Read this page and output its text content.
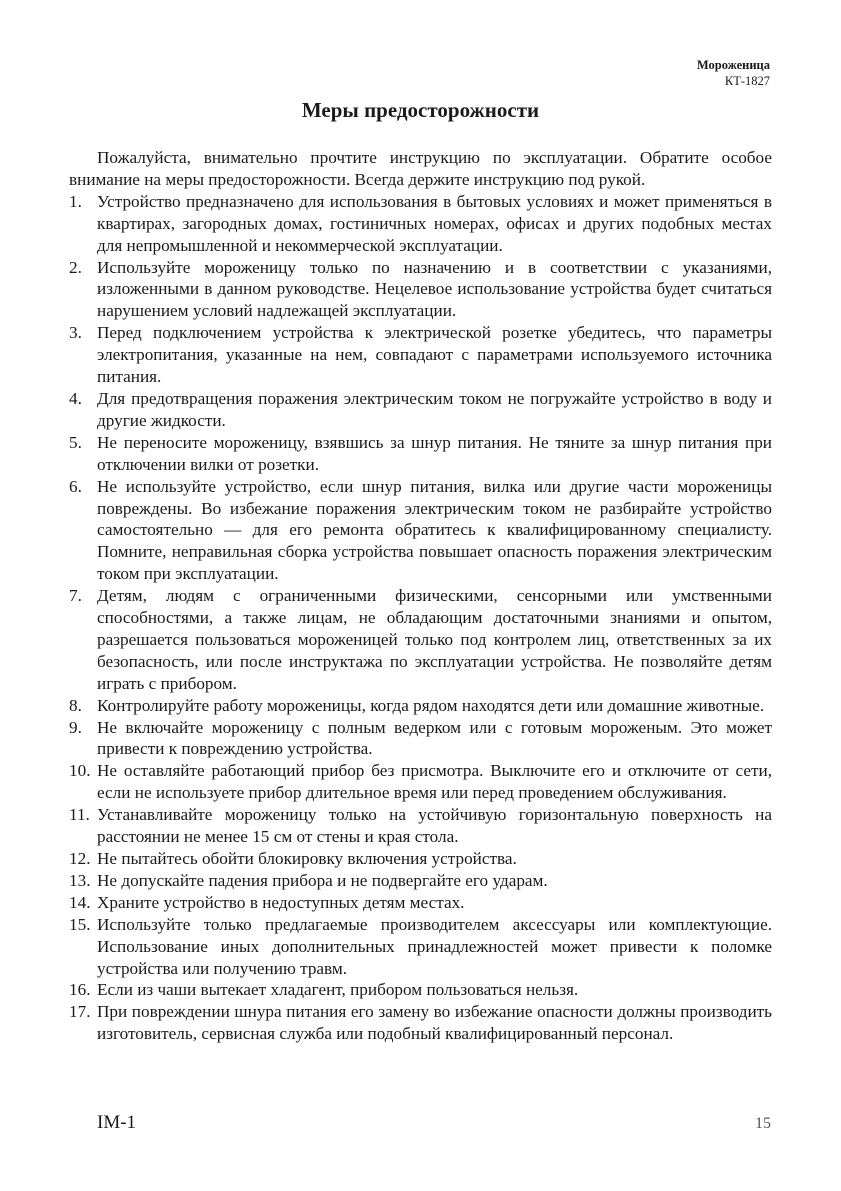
Мороженица
КТ-1827
Меры предосторожности

Пожалуйста, внимательно прочтите инструкцию по эксплуатации. Обратите особое внимание на меры предосторожности. Всегда держите инструкцию под рукой.

1. Устройство предназначено для использования в бытовых условиях и может применяться в квартирах, загородных домах, гостиничных номерах, офисах и других подобных местах для непромышленной и некоммерческой эксплуатации.
2. Используйте мороженицу только по назначению и в соответствии с указаниями, изложенными в данном руководстве. Нецелевое использование устройства будет считаться нарушением условий надлежащей эксплуатации.
3. Перед подключением устройства к электрической розетке убедитесь, что параметры электропитания, указанные на нем, совпадают с параметрами используемого источника питания.
4. Для предотвращения поражения электрическим током не погружайте устройство в воду и другие жидкости.
5. Не переносите мороженицу, взявшись за шнур питания. Не тяните за шнур питания при отключении вилки от розетки.
6. Не используйте устройство, если шнур питания, вилка или другие части мороженицы повреждены. Во избежание поражения электрическим током не разбирайте устройство самостоятельно — для его ремонта обратитесь к квалифицированному специалисту. Помните, неправильная сборка устройства повышает опасность поражения электрическим током при эксплуатации.
7. Детям, людям с ограниченными физическими, сенсорными или умственными способностями, а также лицам, не обладающим достаточными знаниями и опытом, разрешается пользоваться мороженицей только под контролем лиц, ответственных за их безопасность, или после инструктажа по эксплуатации устройства. Не позволяйте детям играть с прибором.
8. Контролируйте работу мороженицы, когда рядом находятся дети или домашние животные.
9. Не включайте мороженицу с полным ведерком или с готовым мороженым. Это может привести к повреждению устройства.
10. Не оставляйте работающий прибор без присмотра. Выключите его и отключите от сети, если не используете прибор длительное время или перед проведением обслуживания.
11. Устанавливайте мороженицу только на устойчивую горизонтальную поверхность на расстоянии не менее 15 см от стены и края стола.
12. Не пытайтесь обойти блокировку включения устройства.
13. Не допускайте падения прибора и не подвергайте его ударам.
14. Храните устройство в недоступных детям местах.
15. Используйте только предлагаемые производителем аксессуары или комплектующие. Использование иных дополнительных принадлежностей может привести к поломке устройства или получению травм.
16. Если из чаши вытекает хладагент, прибором пользоваться нельзя.
17. При повреждении шнура питания его замену во избежание опасности должны производить изготовитель, сервисная служба или подобный квалифицированный персонал.
IM-1	15
